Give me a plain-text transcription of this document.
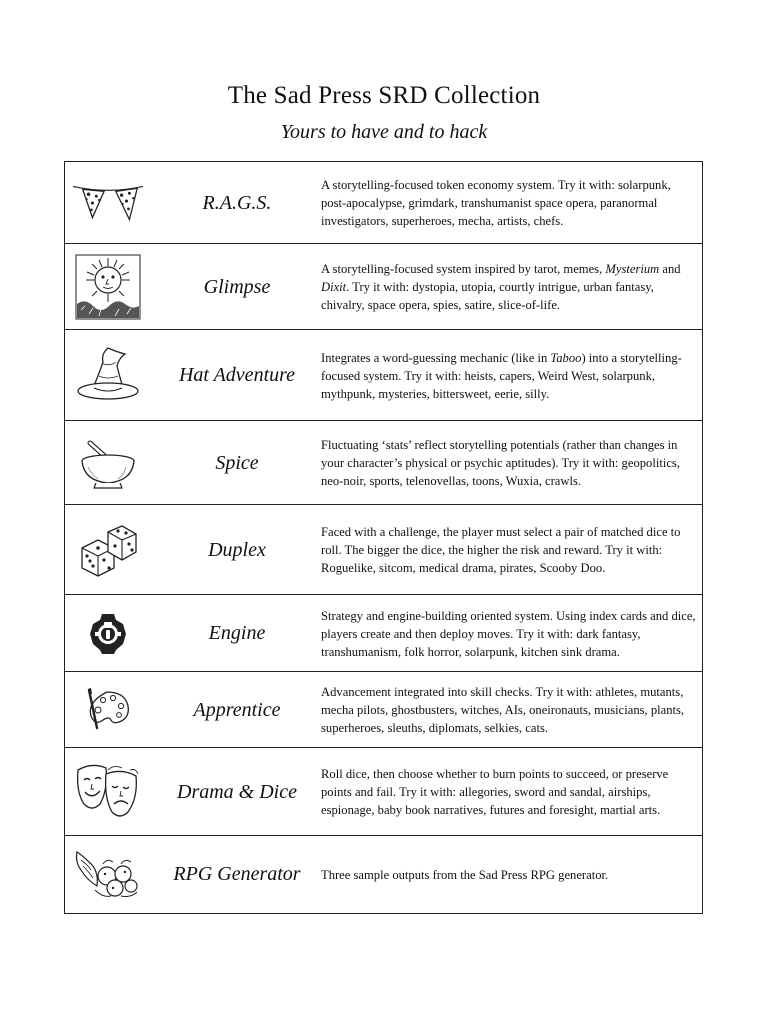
The Sad Press SRD Collection
Yours to have and to hack
R.A.G.S.

A storytelling-focused token economy system. Try it with: solarpunk, post-apocalypse, grimdark, transhumanist space opera, paranormal investigators, superheroes, mecha, artists, chefs.

Glimpse

A storytelling-focused system inspired by tarot, memes, Mysterium and Dixit. Try it with: dystopia, utopia, courtly intrigue, urban fantasy, chivalry, space opera, spies, satire, slice-of-life.

Hat Adventure

Integrates a word-guessing mechanic (like in Taboo) into a storytelling-focused system. Try it with: heists, capers, Weird West, solarpunk, mythpunk, mysteries, bittersweet, eerie, silly.

Spice

Fluctuating ‘stats’ reflect storytelling potentials (rather than changes in your character’s physical or psychic aptitudes). Try it with: geopolitics, neo-noir, sports, telenovellas, toons, Wuxia, crawls.

Duplex

Faced with a challenge, the player must select a pair of matched dice to roll. The bigger the dice, the higher the risk and reward. Try it with: Roguelike, sitcom, medical drama, pirates, Scooby Doo.

Engine

Strategy and engine-building oriented system. Using index cards and dice, players create and then deploy moves. Try it with: dark fantasy, transhumanism, folk horror, solarpunk, kitchen sink drama.

Apprentice

Advancement integrated into skill checks. Try it with: athletes, mutants, mecha pilots, ghostbusters, witches, AIs, oneironauts, musicians, plants, superheroes, sleuths, diplomats, selkies, cats.

Drama & Dice

Roll dice, then choose whether to burn points to succeed, or preserve points and fail. Try it with: allegories, sword and sandal, airships, espionage, baby book narratives, futures and foresight, martial arts.

RPG Generator	Three sample outputs from the Sad Press RPG generator.
